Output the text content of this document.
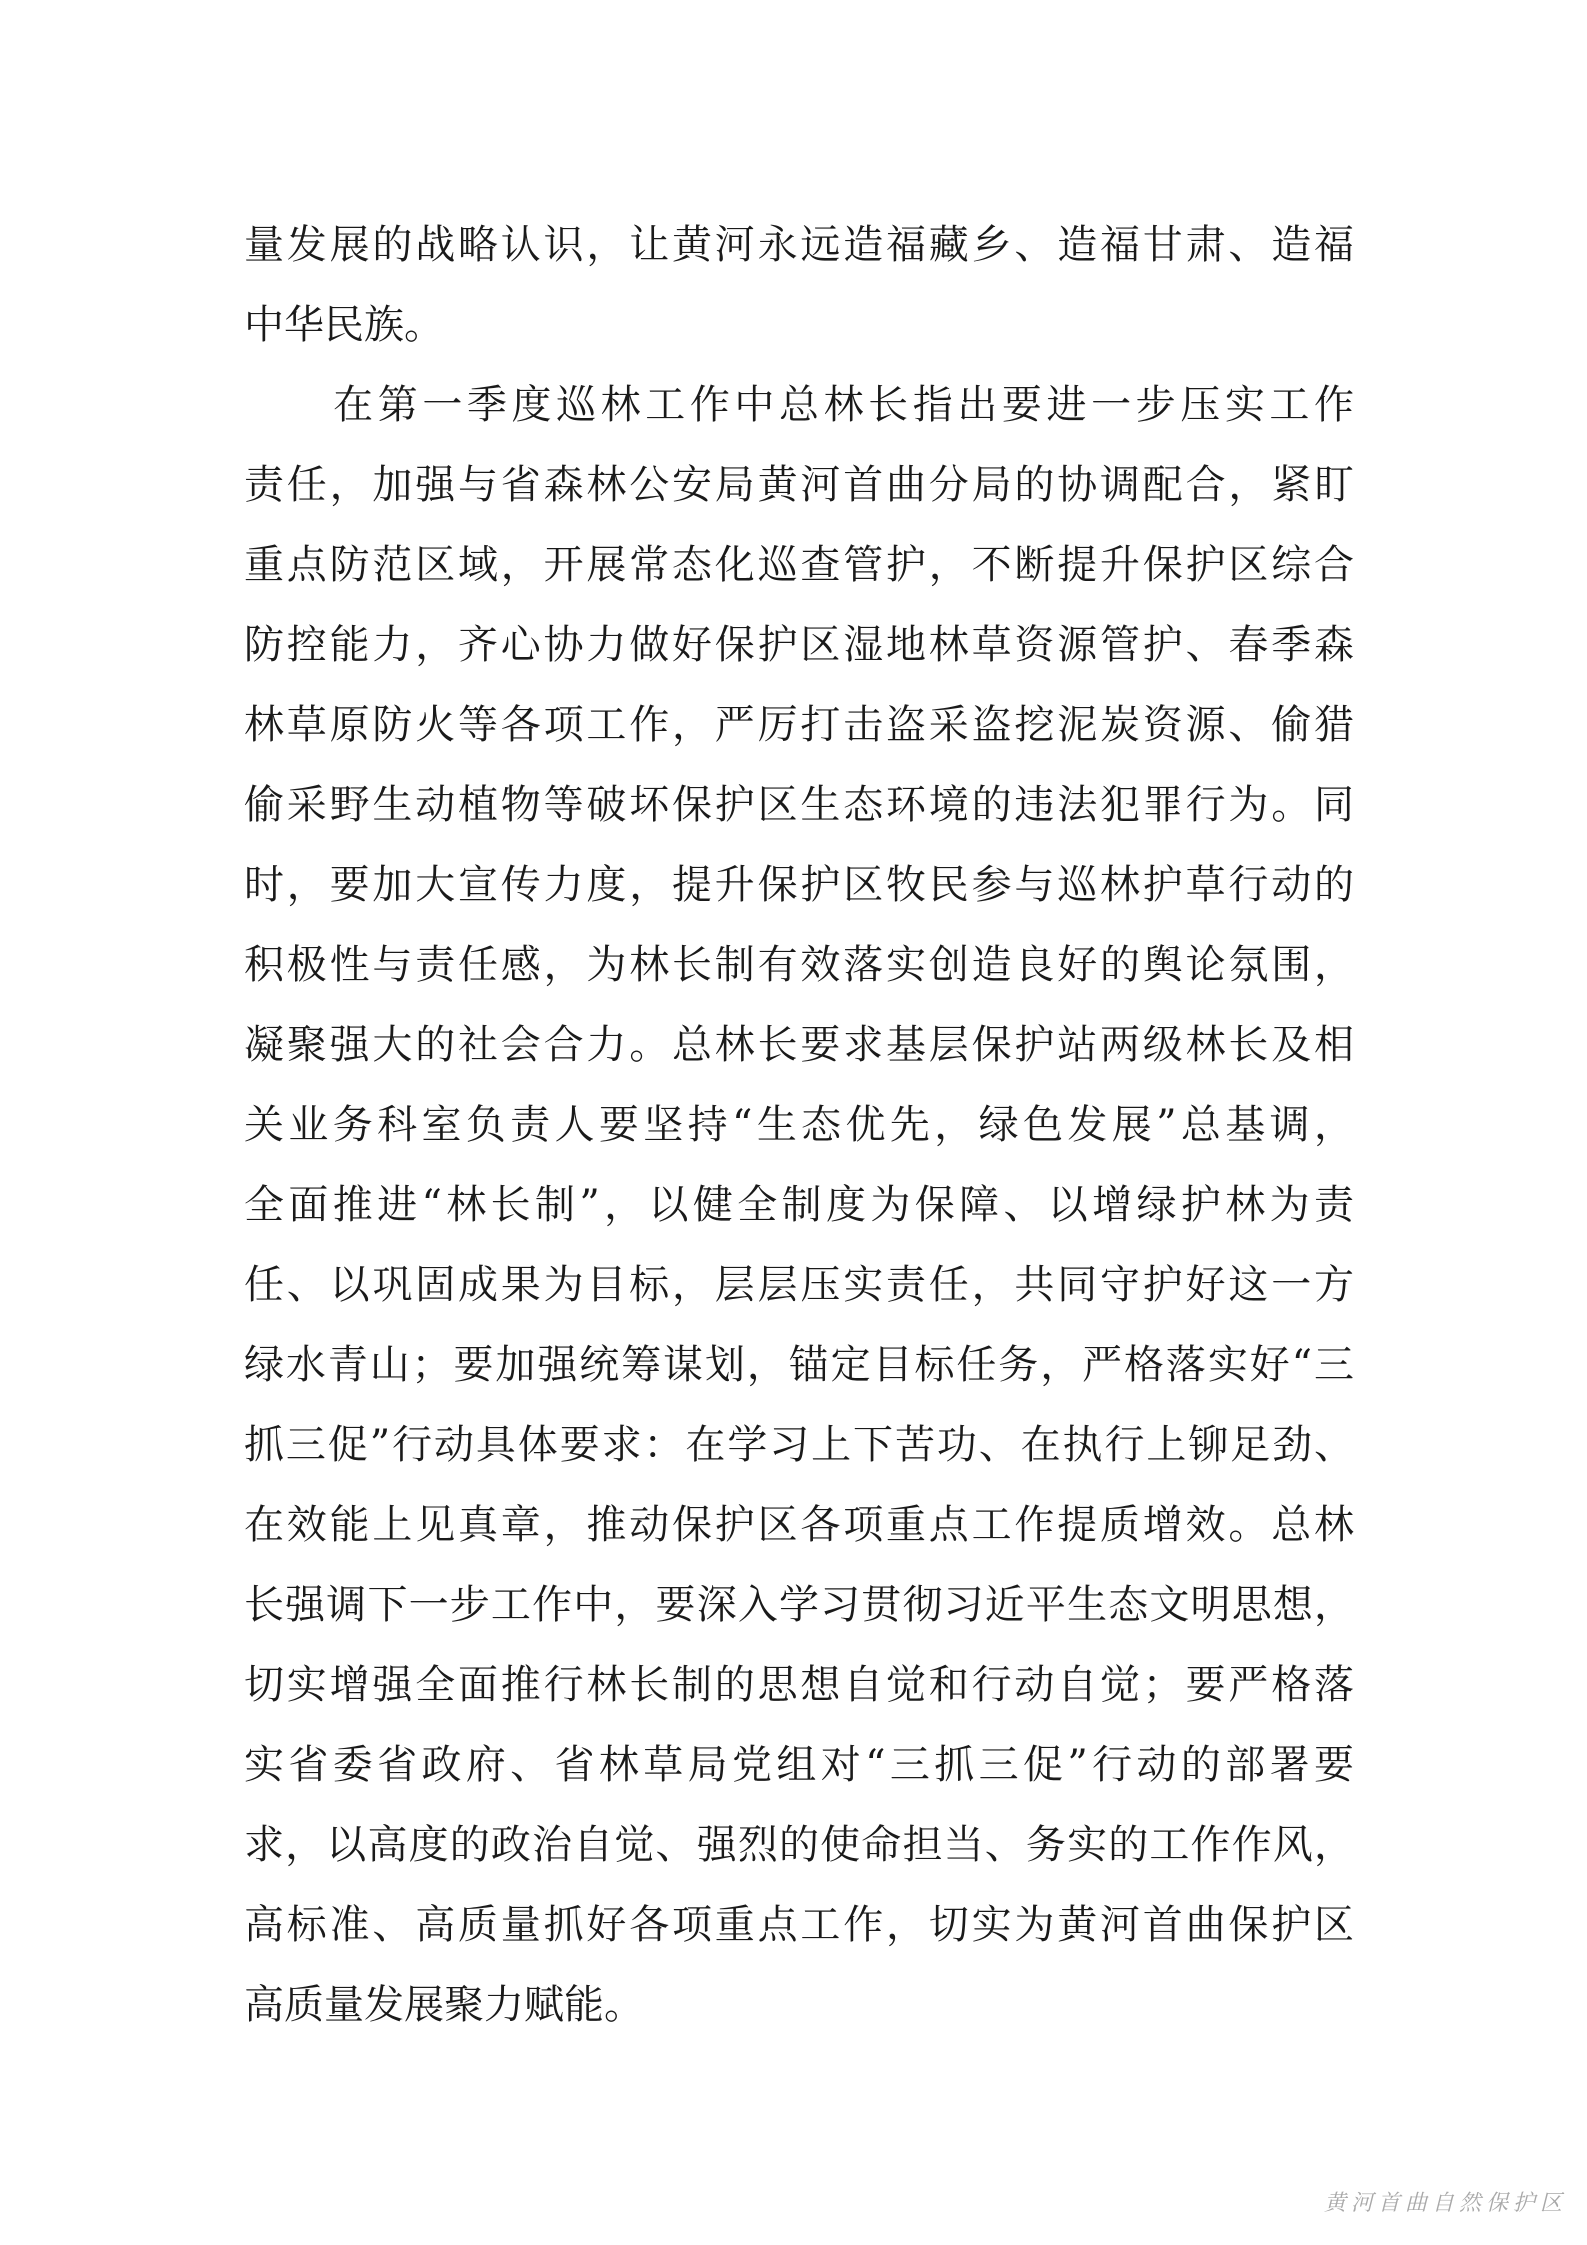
量发展的战略认识，让黄河永远造福藏乡、造福甘肃、造福
中华民族。
　　在第一季度巡林工作中总林长指出要进一步压实工作
责任，加强与省森林公安局黄河首曲分局的协调配合，紧盯
重点防范区域，开展常态化巡查管护，不断提升保护区综合
防控能力，齐心协力做好保护区湿地林草资源管护、春季森
林草原防火等各项工作，严厉打击盗采盗挖泥炭资源、偷猎
偷采野生动植物等破坏保护区生态环境的违法犯罪行为。同
时，要加大宣传力度，提升保护区牧民参与巡林护草行动的
积极性与责任感，为林长制有效落实创造良好的舆论氛围，
凝聚强大的社会合力。总林长要求基层保护站两级林长及相
关业务科室负责人要坚持“生态优先，绿色发展”总基调，
全面推进“林长制”，以健全制度为保障、以增绿护林为责
任、以巩固成果为目标，层层压实责任，共同守护好这一方
绿水青山；要加强统筹谋划，锚定目标任务，严格落实好“三
抓三促”行动具体要求：在学习上下苦功、在执行上铆足劲、
在效能上见真章，推动保护区各项重点工作提质增效。总林
长强调下一步工作中，要深入学习贯彻习近平生态文明思想，
切实增强全面推行林长制的思想自觉和行动自觉；要严格落
实省委省政府、省林草局党组对“三抓三促”行动的部署要
求，以高度的政治自觉、强烈的使命担当、务实的工作作风，
高标准、高质量抓好各项重点工作，切实为黄河首曲保护区
高质量发展聚力赋能。
黄河首曲自然保护区
